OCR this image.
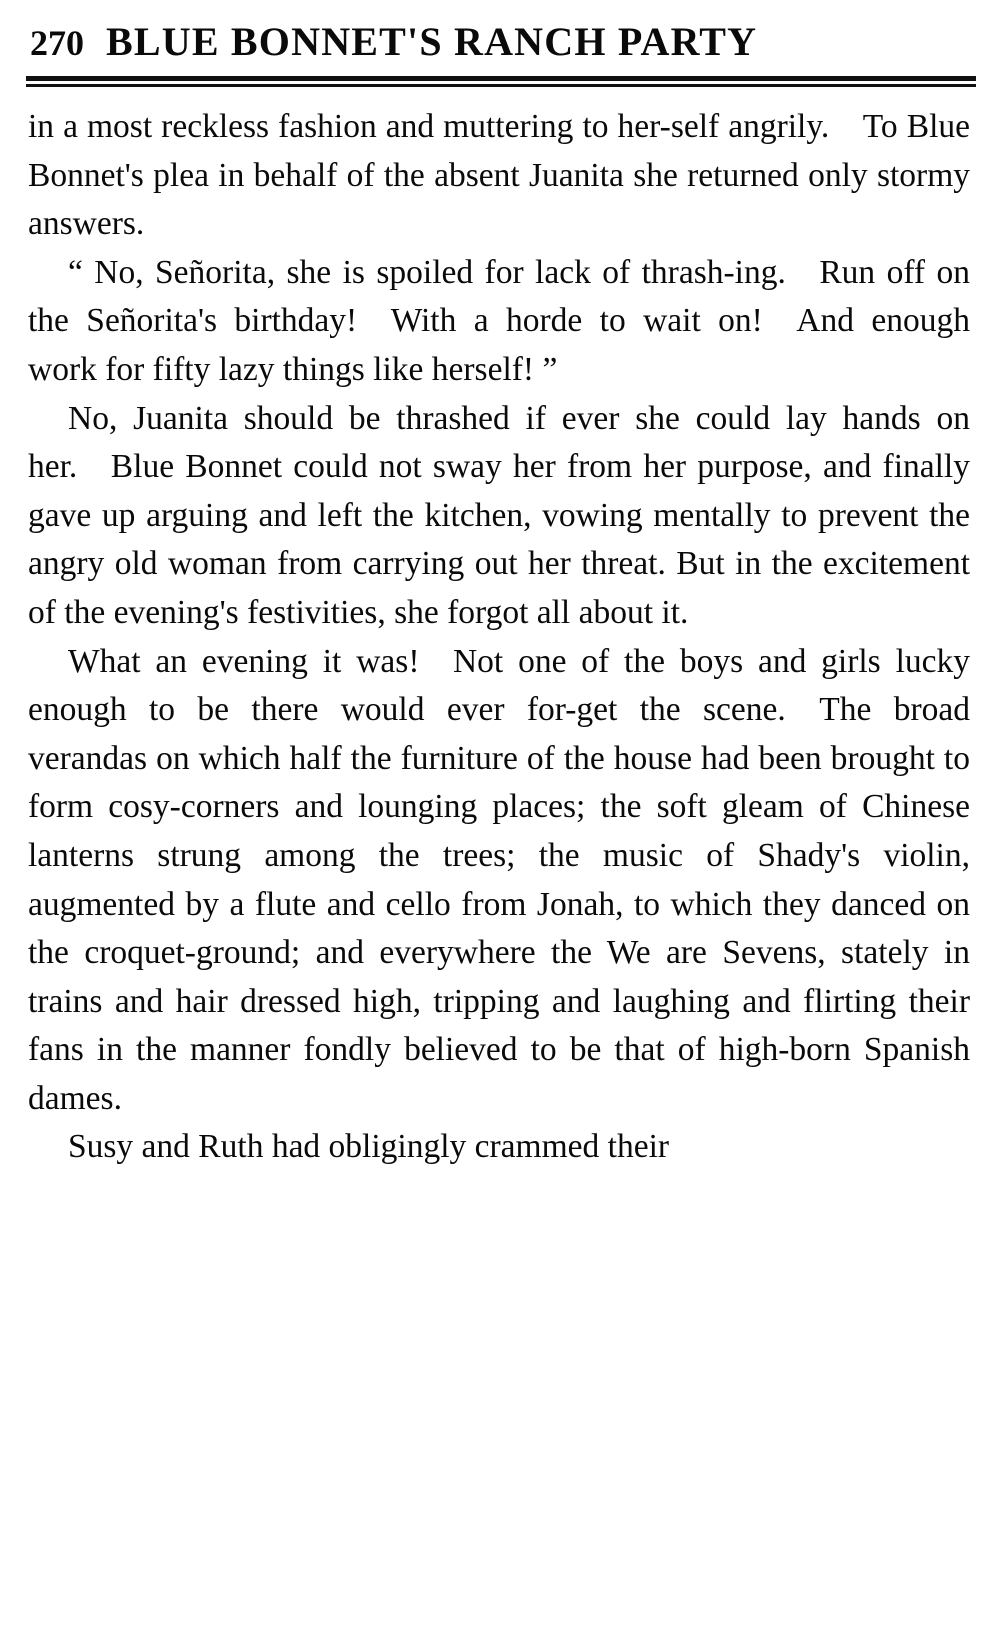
270 BLUE BONNET'S RANCH PARTY

in a most reckless fashion and muttering to her-self angrily. To Blue Bonnet's plea in behalf of the absent Juanita she returned only stormy answers.

“ No, Señorita, she is spoiled for lack of thrash-ing. Run off on the Señorita's birthday! With a horde to wait on! And enough work for fifty lazy things like herself! ”

No, Juanita should be thrashed if ever she could lay hands on her. Blue Bonnet could not sway her from her purpose, and finally gave up arguing and left the kitchen, vowing mentally to prevent the angry old woman from carrying out her threat. But in the excitement of the evening's festivities, she forgot all about it.

What an evening it was! Not one of the boys and girls lucky enough to be there would ever for-get the scene. The broad verandas on which half the furniture of the house had been brought to form cosy-corners and lounging places; the soft gleam of Chinese lanterns strung among the trees; the music of Shady's violin, augmented by a flute and cello from Jonah, to which they danced on the croquet-ground; and everywhere the We are Sevens, stately in trains and hair dressed high, tripping and laughing and flirting their fans in the manner fondly believed to be that of high-born Spanish dames.

Susy and Ruth had obligingly crammed their
